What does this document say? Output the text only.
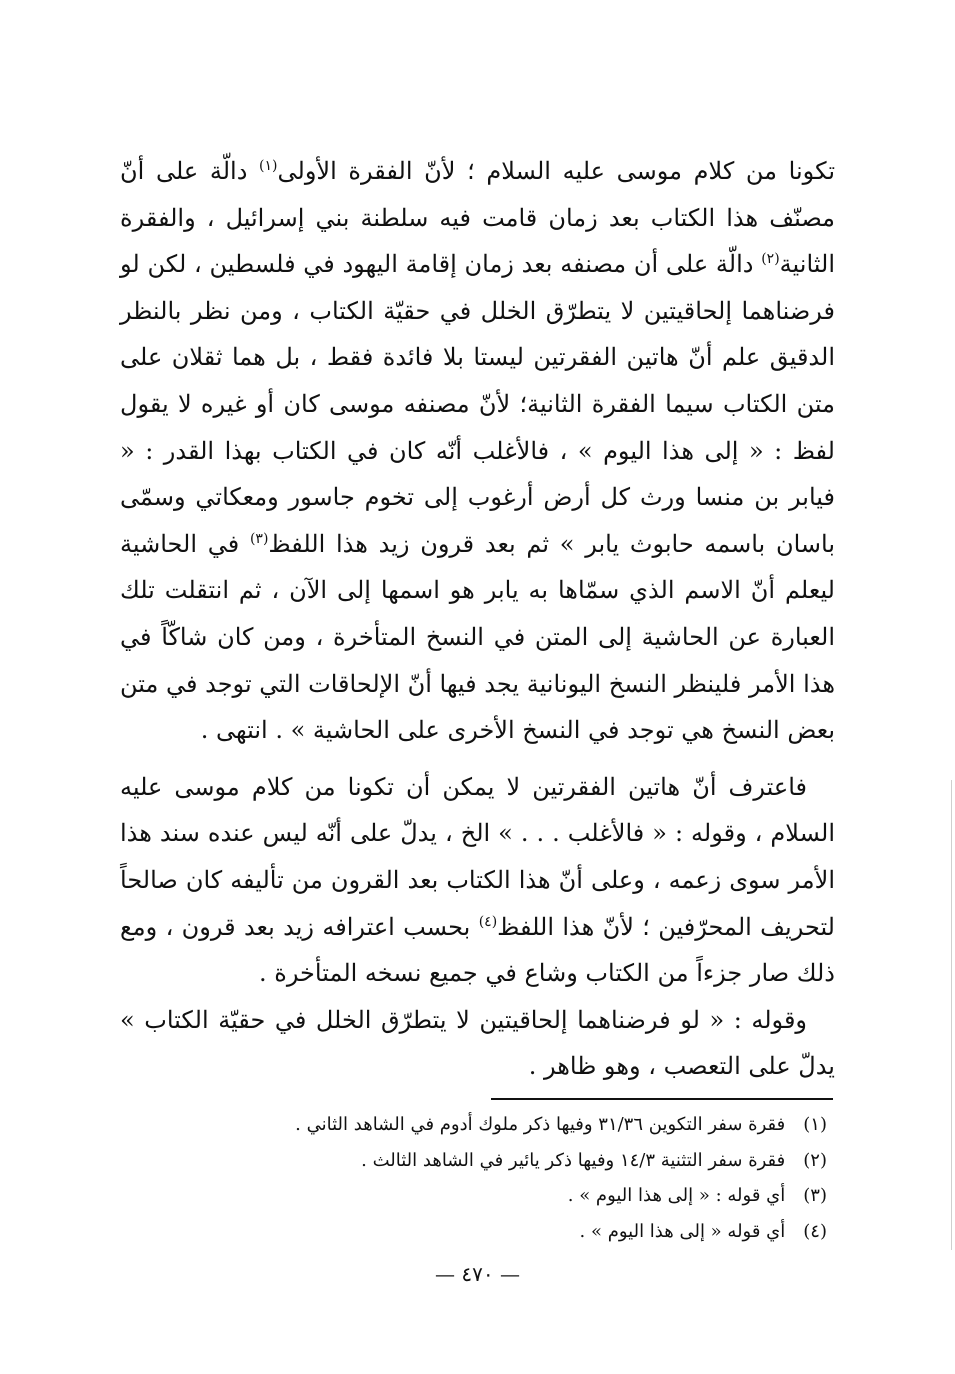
تكونا من كلام موسى عليه السلام ؛ لأنّ الفقرة الأولى$^{(١)}$ دالّة على أنّ مصنّف هذا الكتاب بعد زمان قامت فيه سلطنة بني إسرائيل ، والفقرة الثانية$^{(٢)}$ دالّة على أن مصنفه بعد زمان إقامة اليهود في فلسطين ، لكن لو فرضناهما إلحاقيتين لا يتطرّق الخلل في حقيّة الكتاب ، ومن نظر بالنظر الدقيق علم أنّ هاتين الفقرتين ليستا بلا فائدة فقط ، بل هما ثقلان على متن الكتاب سيما الفقرة الثانية؛ لأنّ مصنفه موسى كان أو غيره لا يقول لفظ : « إلى هذا اليوم » ، فالأغلب أنّه كان في الكتاب بهذا القدر : « فيابر بن منسا ورث كل أرض أرغوب إلى تخوم جاسور ومعكاتي وسمّى باسان باسمه حابوث يابر » ثم بعد قرون زيد هذا اللفظ$^{(٣)}$ في الحاشية ليعلم أنّ الاسم الذي سمّاها به يابر هو اسمها إلى الآن ، ثم انتقلت تلك العبارة عن الحاشية إلى المتن في النسخ المتأخرة ، ومن كان شاكّاً في هذا الأمر فلينظر النسخ اليونانية يجد فيها أنّ الإلحاقات التي توجد في متن بعض النسخ هي توجد في النسخ الأخرى على الحاشية » . انتهى .

فاعترف أنّ هاتين الفقرتين لا يمكن أن تكونا من كلام موسى عليه السلام ، وقوله : « فالأغلب . . . » الخ ، يدلّ على أنّه ليس عنده سند هذا الأمر سوى زعمه ، وعلى أنّ هذا الكتاب بعد القرون من تأليفه كان صالحاً لتحريف المحرّفين ؛ لأنّ هذا اللفظ$^{(٤)}$ بحسب اعترافه زيد بعد قرون ، ومع ذلك صار جزءاً من الكتاب وشاع في جميع نسخه المتأخرة .

وقوله : « لو فرضناهما إلحاقيتين لا يتطرّق الخلل في حقيّة الكتاب » يدلّ على التعصب ، وهو ظاهر .

(١) فقرة سفر التكوين ٣١/٣٦ وفيها ذكر ملوك أدوم في الشاهد الثاني .
(٢) فقرة سفر التثنية ١٤/٣ وفيها ذكر يائير في الشاهد الثالث .
(٣) أي قوله : « إلى هذا اليوم » .
(٤) أي قوله « إلى هذا اليوم » .
— ٤٧٠ —
